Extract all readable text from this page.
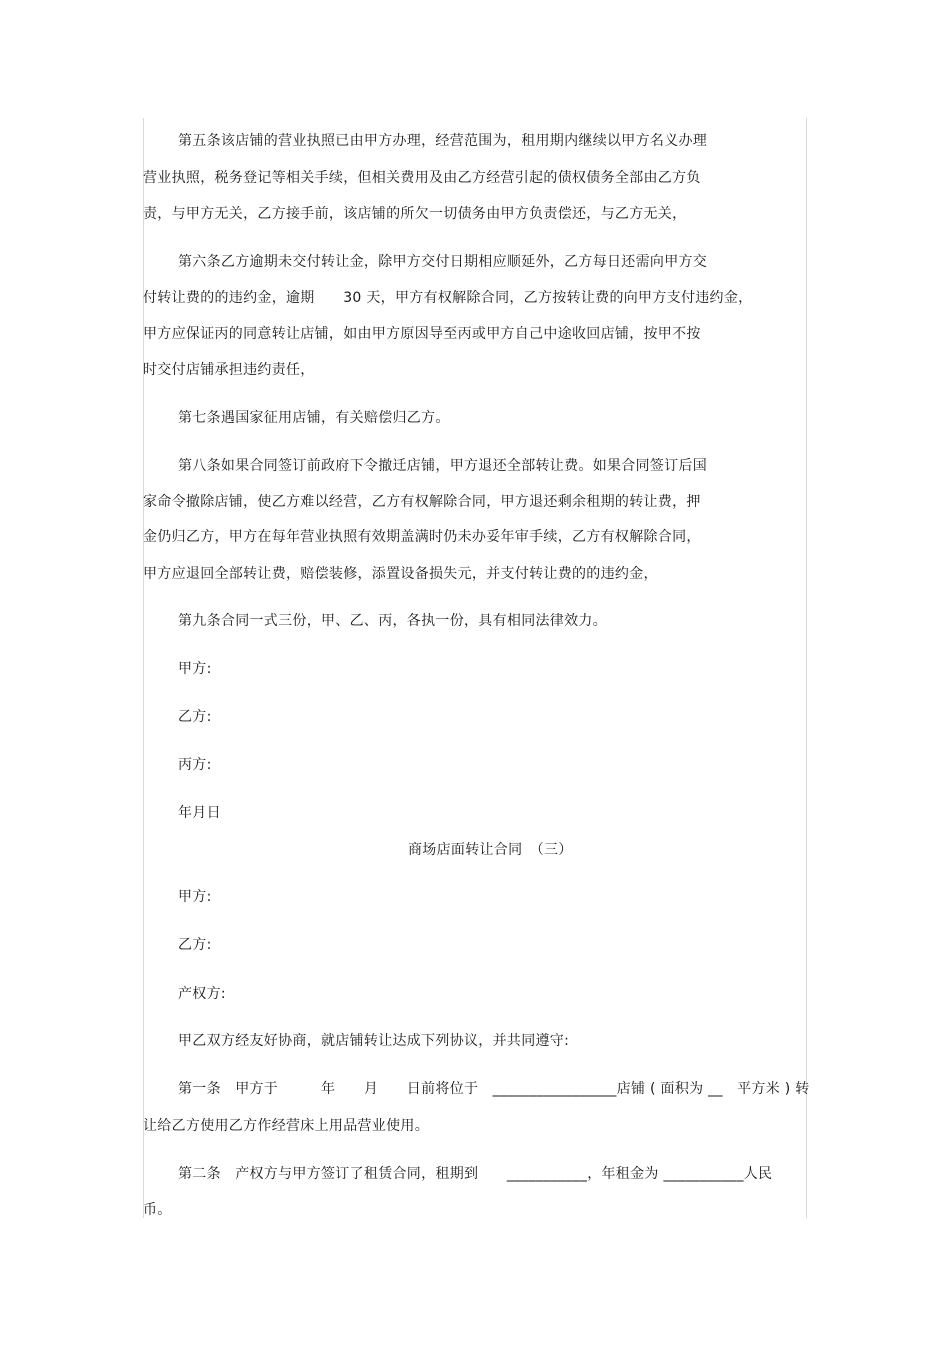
第五条该店铺的营业执照已由甲方办理，经营范围为，租用期内继续以甲方名义办理
营业执照，税务登记等相关手续，但相关费用及由乙方经营引起的债权债务全部由乙方负
责，与甲方无关，乙方接手前，该店铺的所欠一切债务由甲方负责偿还，与乙方无关，
第六条乙方逾期未交付转让金，除甲方交付日期相应顺延外，乙方每日还需向甲方交
付转让费的的违约金，逾期　　30 天，甲方有权解除合同，乙方按转让费的向甲方支付违约金，
甲方应保证丙的同意转让店铺，如由甲方原因导至丙或甲方自己中途收回店铺，按甲不按
时交付店铺承担违约责任，
第七条遇国家征用店铺，有关赔偿归乙方。
第八条如果合同签订前政府下令撤迁店铺，甲方退还全部转让费。如果合同签订后国
家命令撤除店铺，使乙方难以经营，乙方有权解除合同，甲方退还剩余租期的转让费，押
金仍归乙方，甲方在每年营业执照有效期盖满时仍未办妥年审手续，乙方有权解除合同，
甲方应退回全部转让费，赔偿装修，添置设备损失元，并支付转让费的的违约金，
第九条合同一式三份，甲、乙、丙，各执一份，具有相同法律效力。
甲方:
乙方:
丙方:
年月日
商场店面转让合同　（三）
甲方:
乙方:
产权方:
甲乙双方经友好协商，就店铺转让达成下列协议，并共同遵守:
第一条　甲方于　　　年　　月　　日前将位于　_________________店铺 ( 面积为 __　平方米 ) 转
让给乙方使用乙方作经营床上用品营业使用。
第二条　产权方与甲方签订了租赁合同，租期到　　___________，年租金为 ___________人民
币。
